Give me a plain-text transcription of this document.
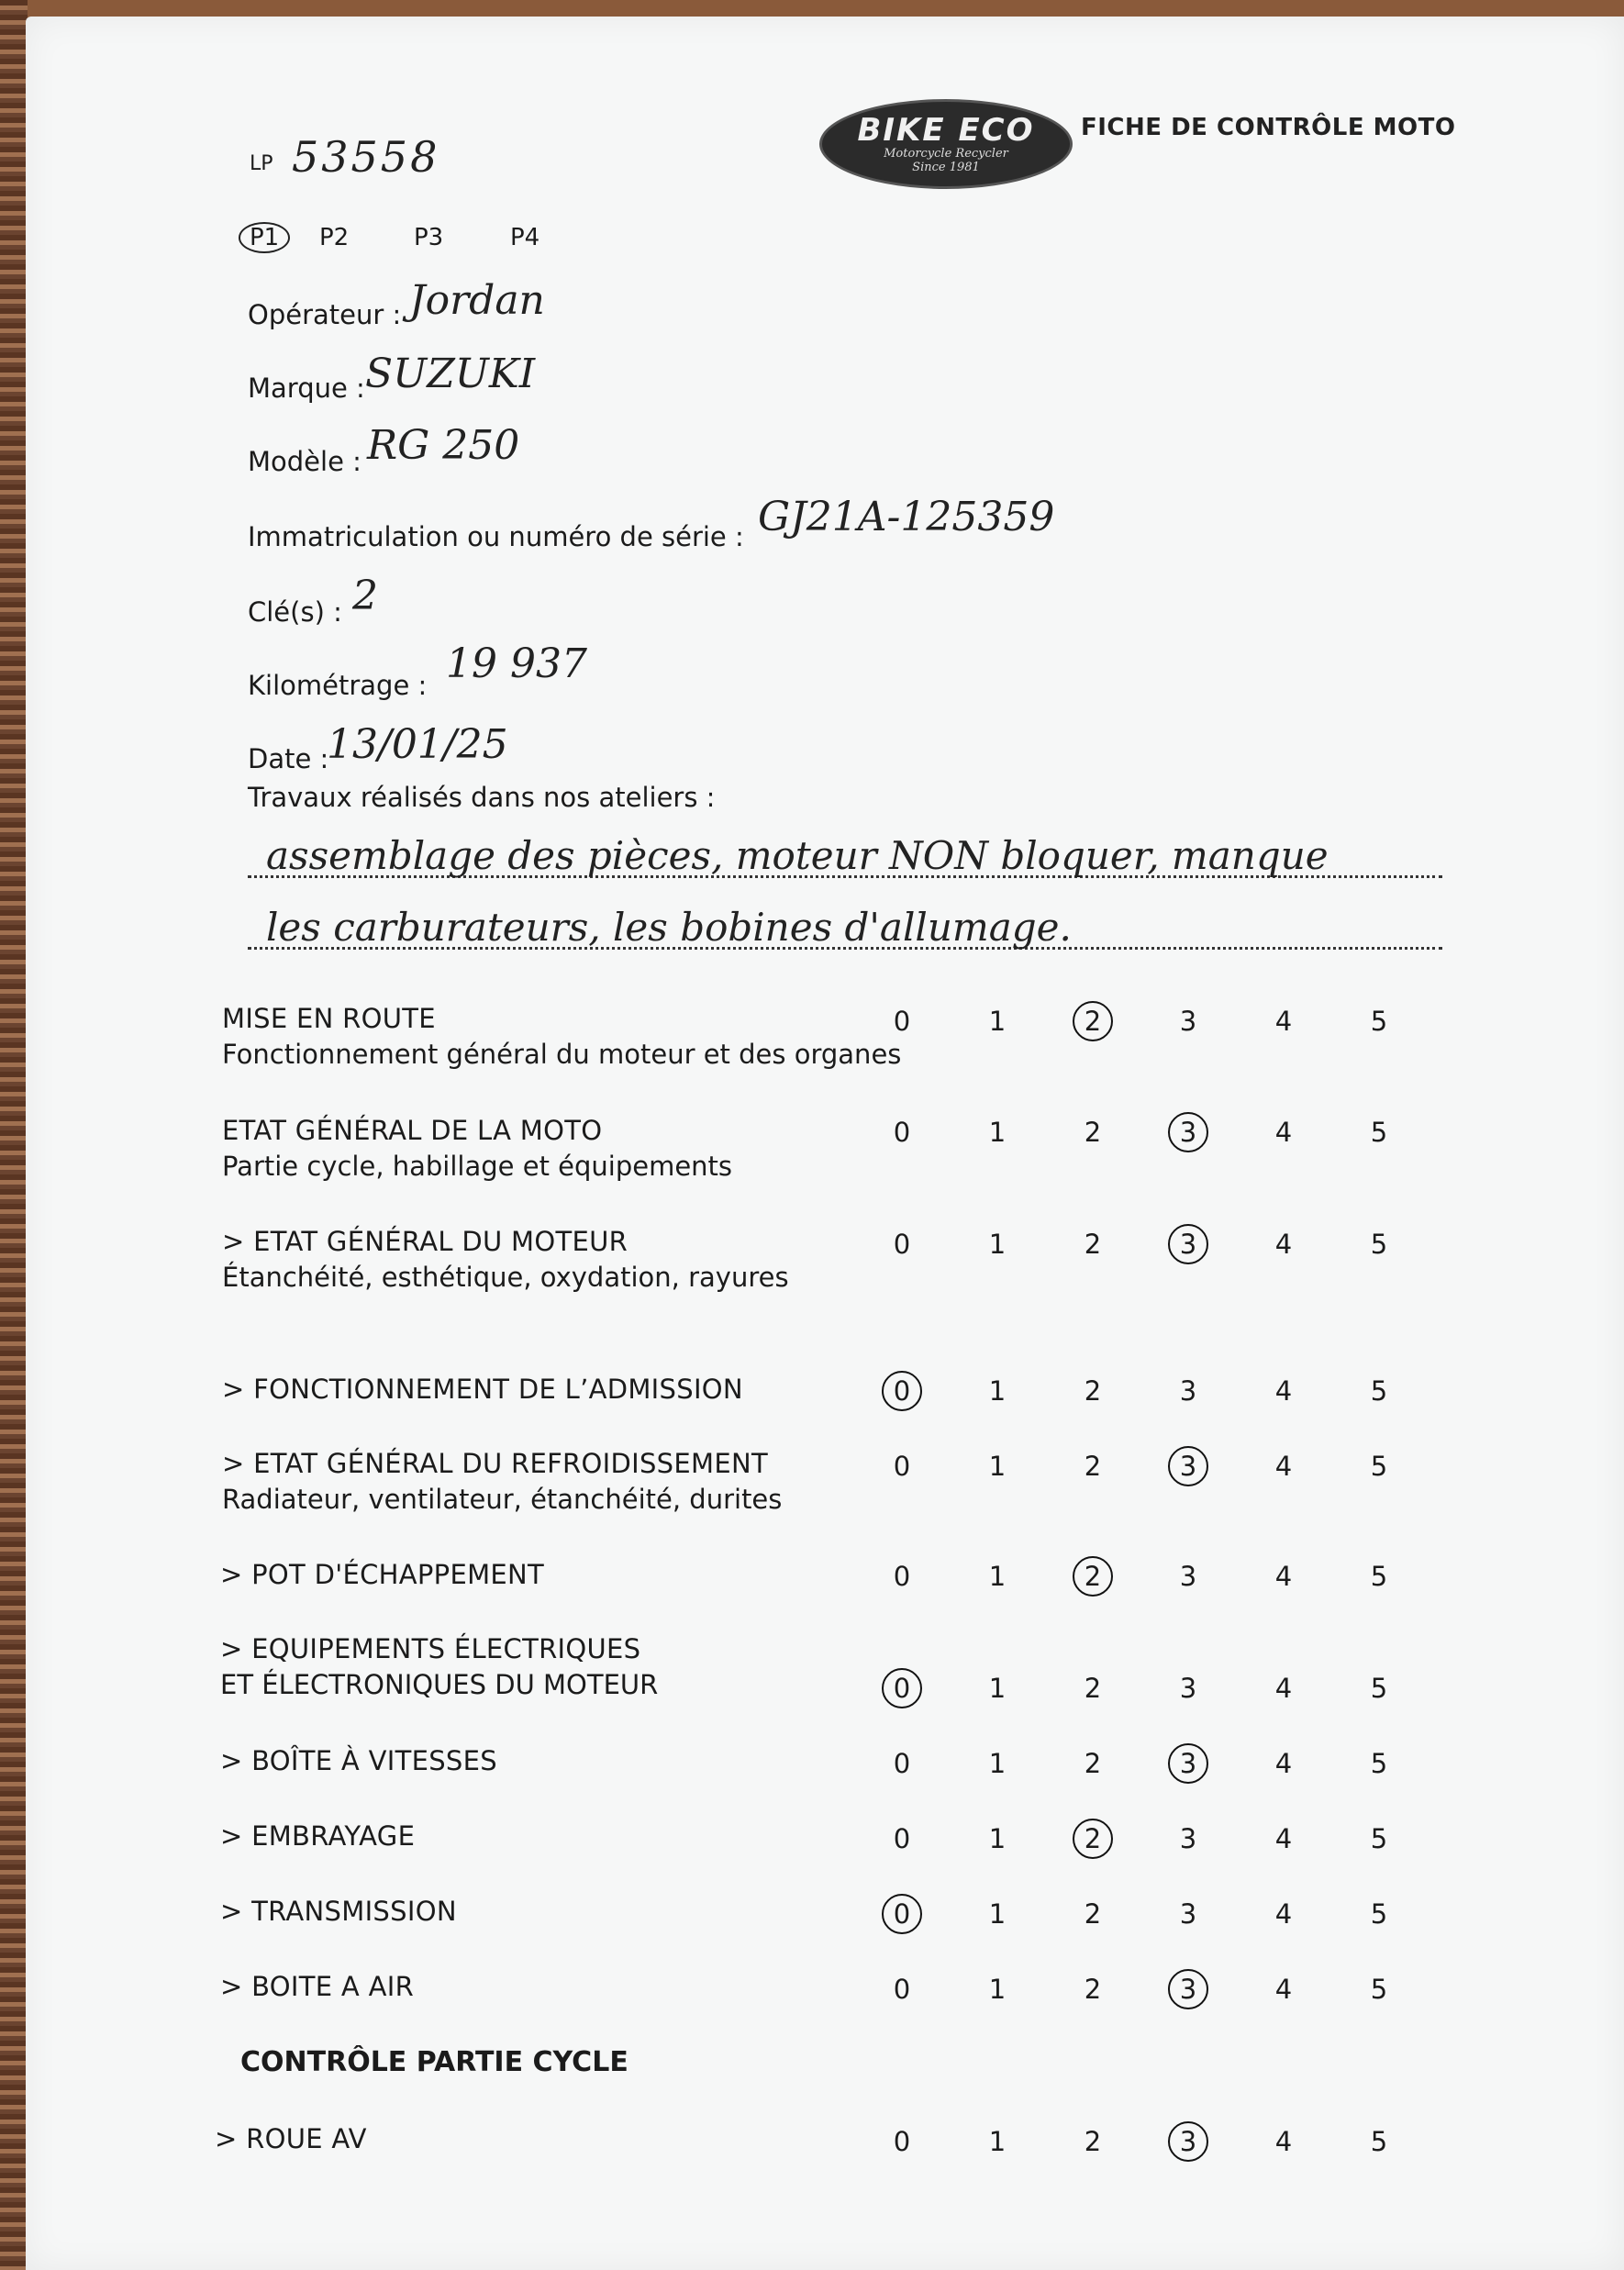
BIKE ECO
Motorcycle Recycler
Since 1981
FICHE DE CONTRÔLE MOTO
LP 53558
P1	P2	P3	P4
Opérateur : Jordan
Marque : SUZUKI
Modèle : RG 250
Immatriculation ou numéro de série : GJ21A-125359
Clé(s) : 2
Kilométrage : 19 937
Date :
13/01/25
Travaux réalisés dans nos ateliers :
assemblage des pièces, moteur NON bloquer, manque
les carburateurs, les bobines d'allumage.
MISE EN ROUTE
Fonctionnement général du moteur et des organes
0	1	2	3	4	5
ETAT GÉNÉRAL DE LA MOTO
Partie cycle, habillage et équipements
0	1	2	3	4	5
> ETAT GÉNÉRAL DU MOTEUR
Étanchéité, esthétique, oxydation, rayures
0	1	2	3	4	5
> FONCTIONNEMENT DE L’ADMISSION	0	1	2	3	4	5
> ETAT GÉNÉRAL DU REFROIDISSEMENT
Radiateur, ventilateur, étanchéité, durites
0	1	2	3	4	5
> POT D'ÉCHAPPEMENT	0	1	2	3	4	5
> EQUIPEMENTS ÉLECTRIQUES
ET ÉLECTRONIQUES DU MOTEUR	0	1	2	3	4	5
> BOÎTE À VITESSES	0	1	2	3	4	5
> EMBRAYAGE	0	1	2	3	4	5
> TRANSMISSION	0	1	2	3	4	5
> BOITE A AIR	0	1	2	3	4	5
CONTRÔLE PARTIE CYCLE
> ROUE AV	0	1	2	3	4	5
